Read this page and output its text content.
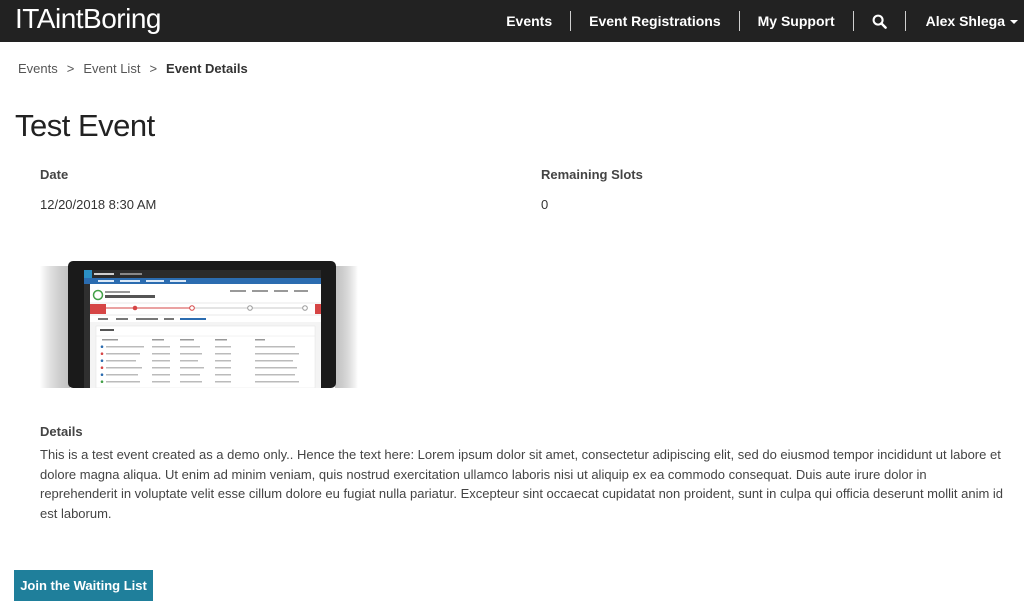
ITAintBoring	Events	Event Registrations	My Support	Alex Shlega
Events > Event List > Event Details
Test Event
Date
12/20/2018 8:30 AM
Remaining Slots
0
Details

This is a test event created as a demo only.. Hence the text here: Lorem ipsum dolor sit amet, consectetur adipiscing elit, sed do eiusmod tempor incididunt ut labore et dolore magna aliqua. Ut enim ad minim veniam, quis nostrud exercitation ullamco laboris nisi ut aliquip ex ea commodo consequat. Duis aute irure dolor in reprehenderit in voluptate velit esse cillum dolore eu fugiat nulla pariatur. Excepteur sint occaecat cupidatat non proident, sunt in culpa qui officia deserunt mollit anim id est laborum.

Join the Waiting List
